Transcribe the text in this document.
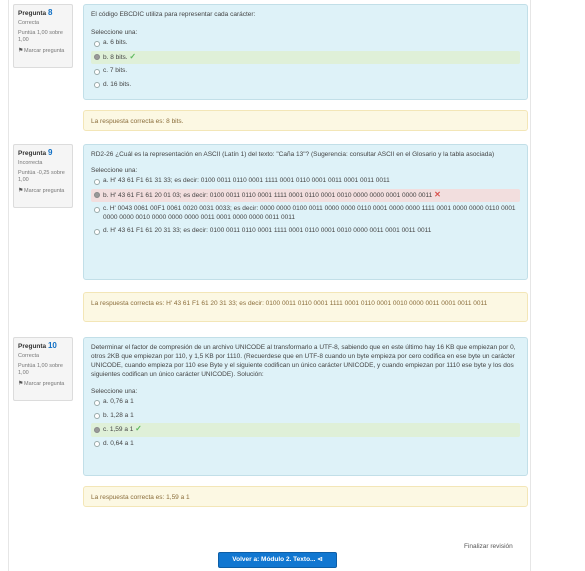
Pregunta 8
Correcta
Puntúa 1,00 sobre 1,00
⚑Marcar pregunta
El código EBCDIC utiliza para representar cada carácter:
Seleccione una:
a. 6 bits.
b. 8 bits. ✓
c. 7 bits.
d. 16 bits.
La respuesta correcta es: 8 bits.
Pregunta 9
Incorrecta
Puntúa -0,25 sobre 1,00
⚑Marcar pregunta
RD2-26 ¿Cuál es la representación en ASCII (Latín 1) del texto: "Caña 13"? (Sugerencia: consultar ASCII en el Glosario y la tabla asociada)
Seleccione una:
a. H' 43 61 F1 61 31 33; es decir: 0100 0011 0110 0001 1111 0001 0110 0001 0011 0001 0011 0011
b. H' 43 61 F1 61 20 01 03; es decir: 0100 0011 0110 0001 1111 0001 0110 0001 0010 0000 0000 0001 0000 0011 ✕
c. H' 0043 0061 00F1 0061 0020 0031 0033; es decir: 0000 0000 0100 0011 0000 0000 0110 0001 0000 0000 1111 0001 0000 0000 0110 0001 0000 0000 0010 0000 0000 0000 0011 0001 0000 0000 0011 0011
d. H' 43 61 F1 61 20 31 33; es decir: 0100 0011 0110 0001 1111 0001 0110 0001 0010 0000 0011 0001 0011 0011
La respuesta correcta es: H' 43 61 F1 61 20 31 33; es decir: 0100 0011 0110 0001 1111 0001 0110 0001 0010 0000 0011 0001 0011 0011
Pregunta 10
Correcta
Puntúa 1,00 sobre 1,00
⚑Marcar pregunta
Determinar el factor de compresión de un archivo UNICODE al transformarlo a UTF-8, sabiendo que en este último hay 16 KB que empiezan por 0, otros 2KB que empiezan por 110, y 1,5 KB por 1110. (Recuerdese que en UTF-8 cuando un byte empieza por cero codifica en ese byte un carácter UNICODE, cuando empieza por 110 ese Byte y el siguiente codifican un único carácter UNICODE, y cuando empiezan por 1110 ese byte y los dos siguientes codifican un único carácter UNICODE). Solución:
Seleccione una:
a. 0,76 a 1
b. 1,28 a 1
c. 1,59 a 1 ✓
d. 0,64 a 1
La respuesta correcta es: 1,59 a 1
Finalizar revisión
Volver a: Módulo 2. Texto... ⊲
